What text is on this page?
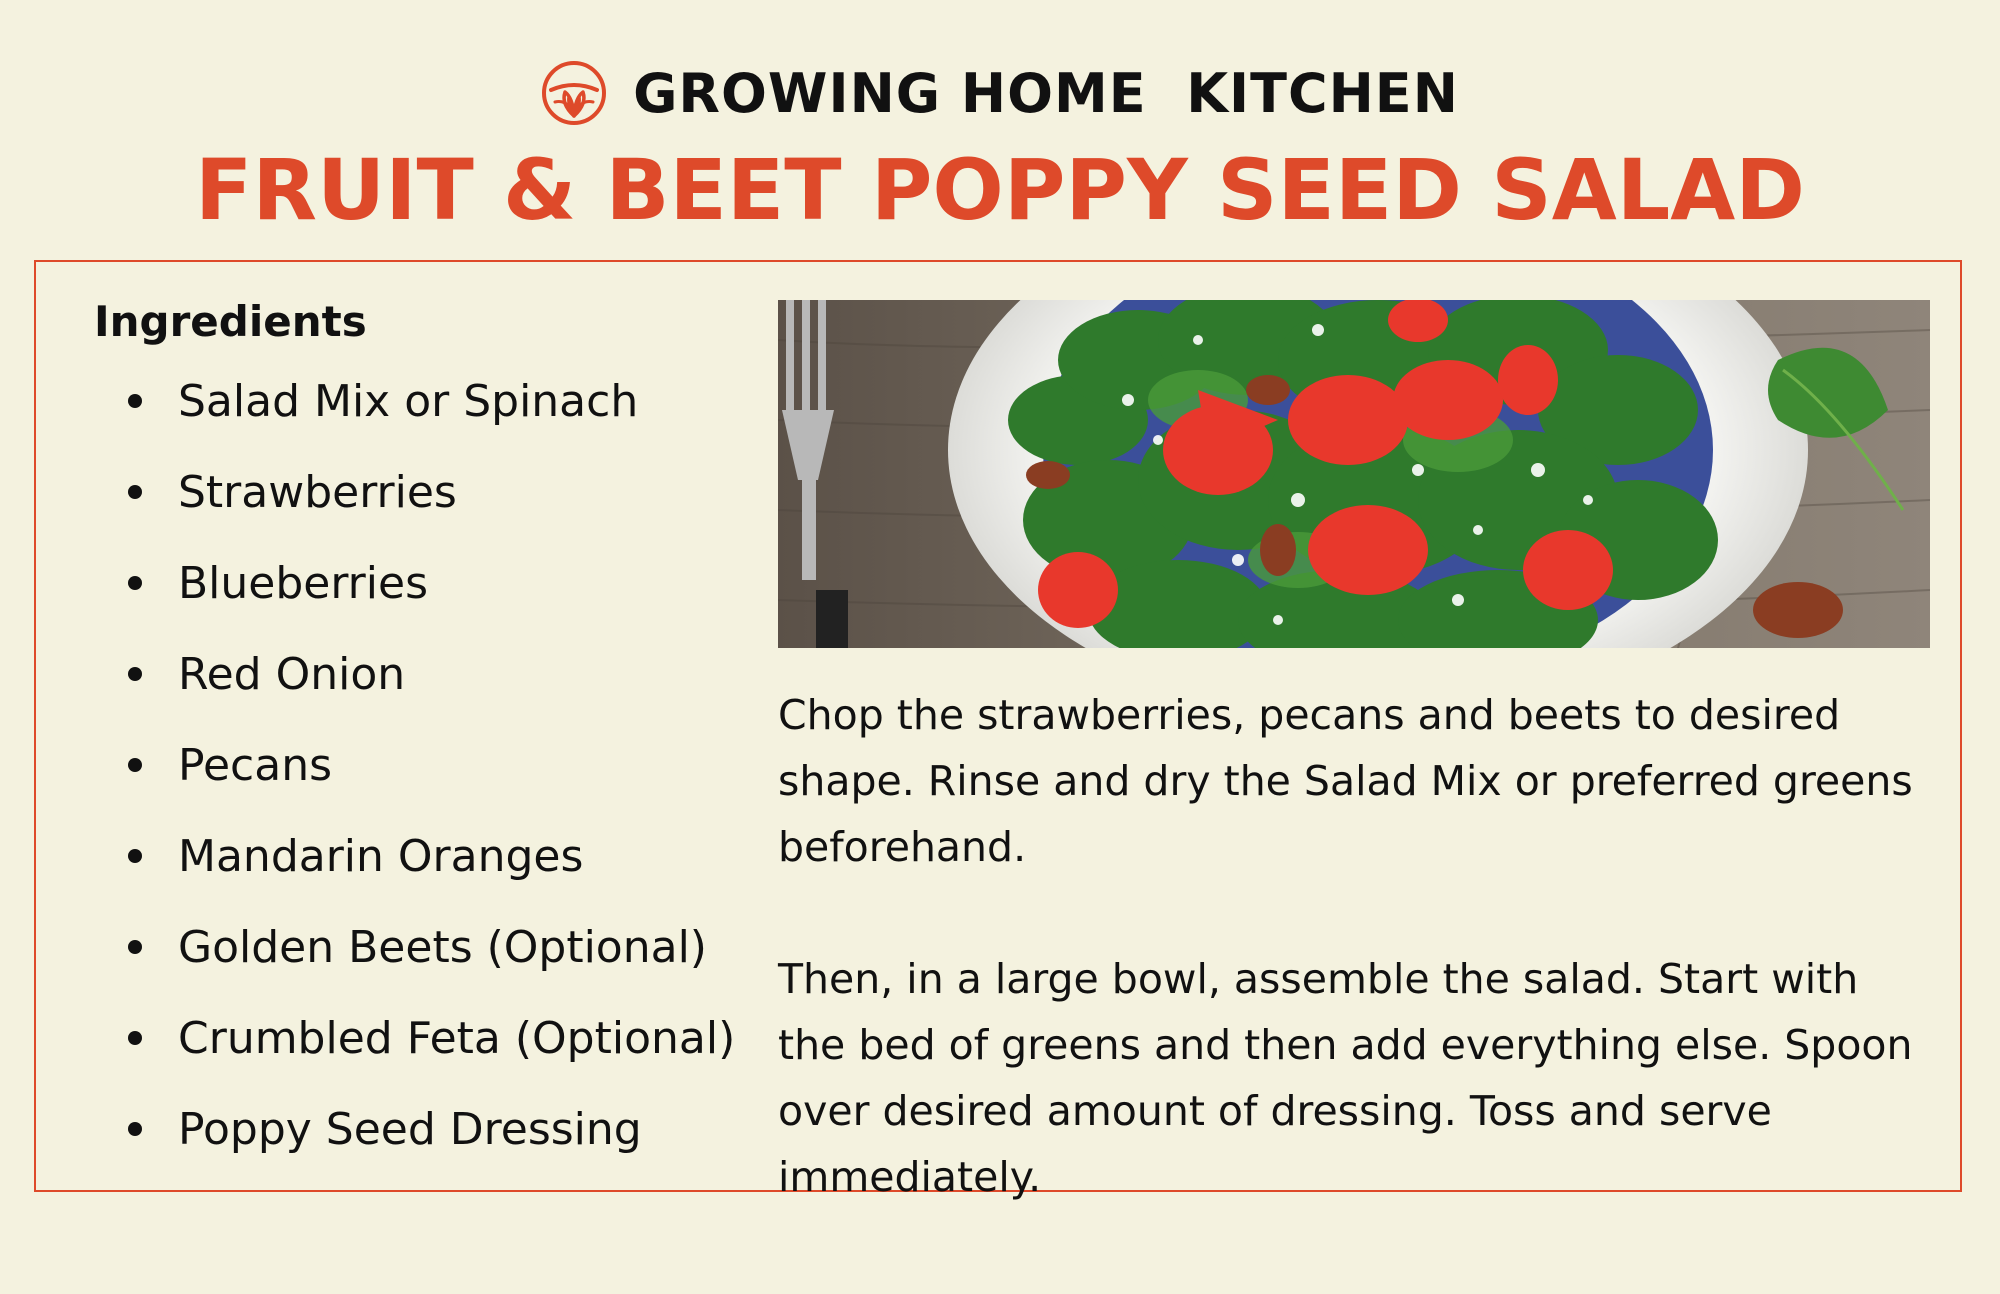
GROWING HOME  KITCHEN
FRUIT & BEET POPPY SEED SALAD
Ingredients
Salad Mix or Spinach
Strawberries
Blueberries
Red Onion
Pecans
Mandarin Oranges
Golden Beets (Optional)
Crumbled Feta (Optional)
Poppy Seed Dressing

Chop the strawberries, pecans and beets to desired shape. Rinse and dry the Salad Mix or preferred greens beforehand.

Then, in a large bowl, assemble the salad. Start with the bed of greens and then add everything else. Spoon over desired amount of dressing. Toss and serve immediately.
